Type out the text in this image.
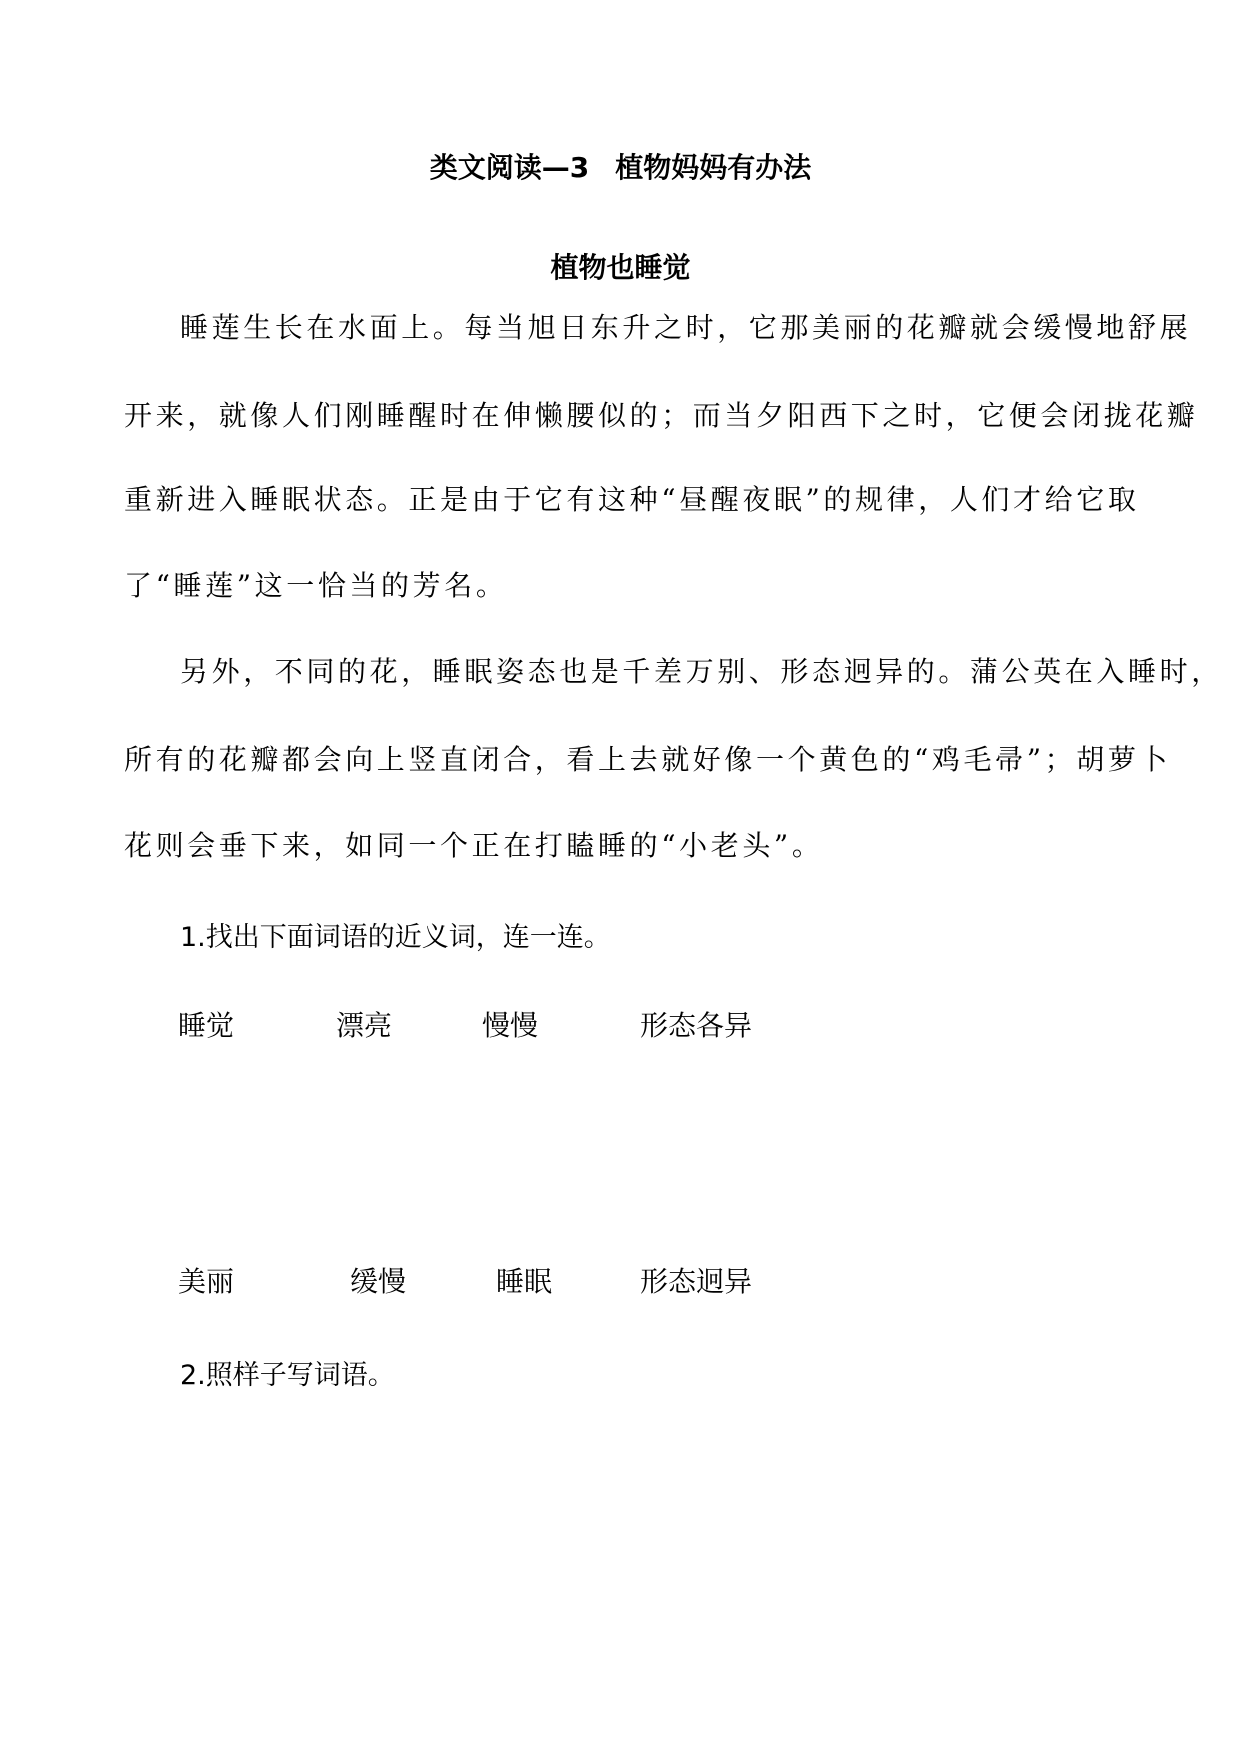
类文阅读—3 植物妈妈有办法
植物也睡觉

睡莲生长在水面上。每当旭日东升之时，它那美丽的花瓣就会缓慢地舒展

开来，就像人们刚睡醒时在伸懒腰似的；而当夕阳西下之时，它便会闭拢花瓣

重新进入睡眠状态。正是由于它有这种“昼醒夜眠”的规律，人们才给它取

了“睡莲”这一恰当的芳名。

另外，不同的花，睡眠姿态也是千差万别、形态迥异的。蒲公英在入睡时，

所有的花瓣都会向上竖直闭合，看上去就好像一个黄色的“鸡毛帚”；胡萝卜

花则会垂下来，如同一个正在打瞌睡的“小老头”。

1.找出下面词语的近义词，连一连。

睡觉	漂亮	慢慢	形态各异
美丽	缓慢	睡眠	形态迥异

2.照样子写词语。
